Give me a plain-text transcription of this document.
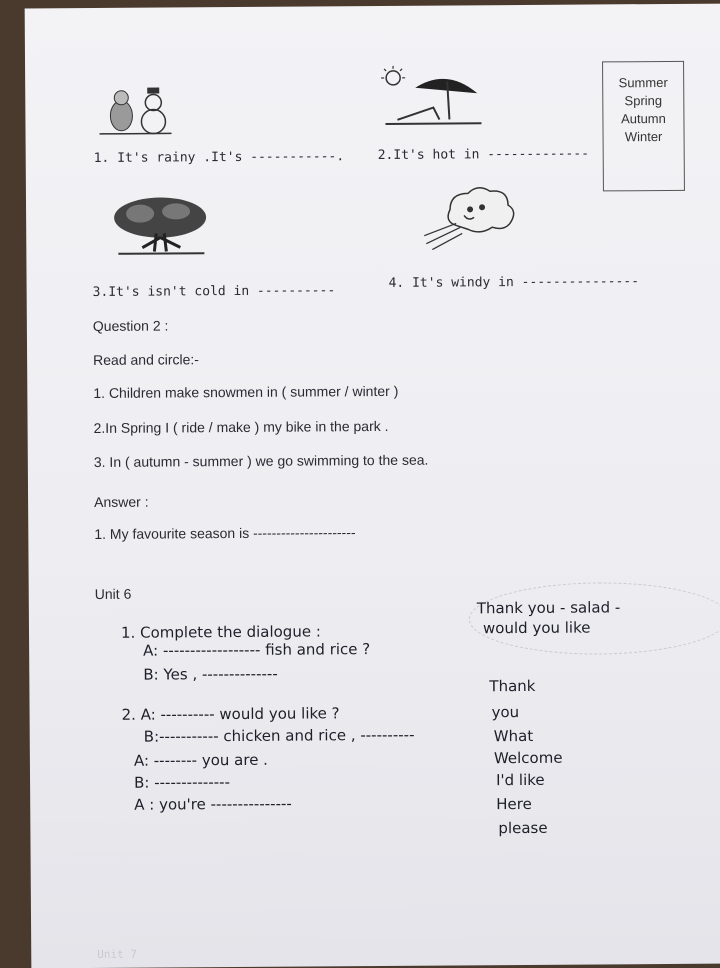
Summer
Spring
Autumn
Winter
1. It's rainy .It's -----------.	2.It's hot in -------------
3.It's isn't cold in ----------
4. It's windy in ---------------
Question 2 :
Read and circle:-
1. Children make snowmen in ( summer / winter )
2.In Spring I ( ride / make ) my bike in the park .
3. In ( autumn - summer ) we go swimming to the sea.
Answer :
1. My favourite season is ----------------------
Unit 6
Thank you - salad -
would you like
1. Complete the dialogue :
A: ------------------ fish and rice ?
B: Yes , --------------
2. A: ---------- would you like ?
B:----------- chicken and rice , ----------
A: -------- you are .
B: --------------
A : you're ---------------
Thank
you
What
Welcome
I'd like
Here
please
Unit 7
